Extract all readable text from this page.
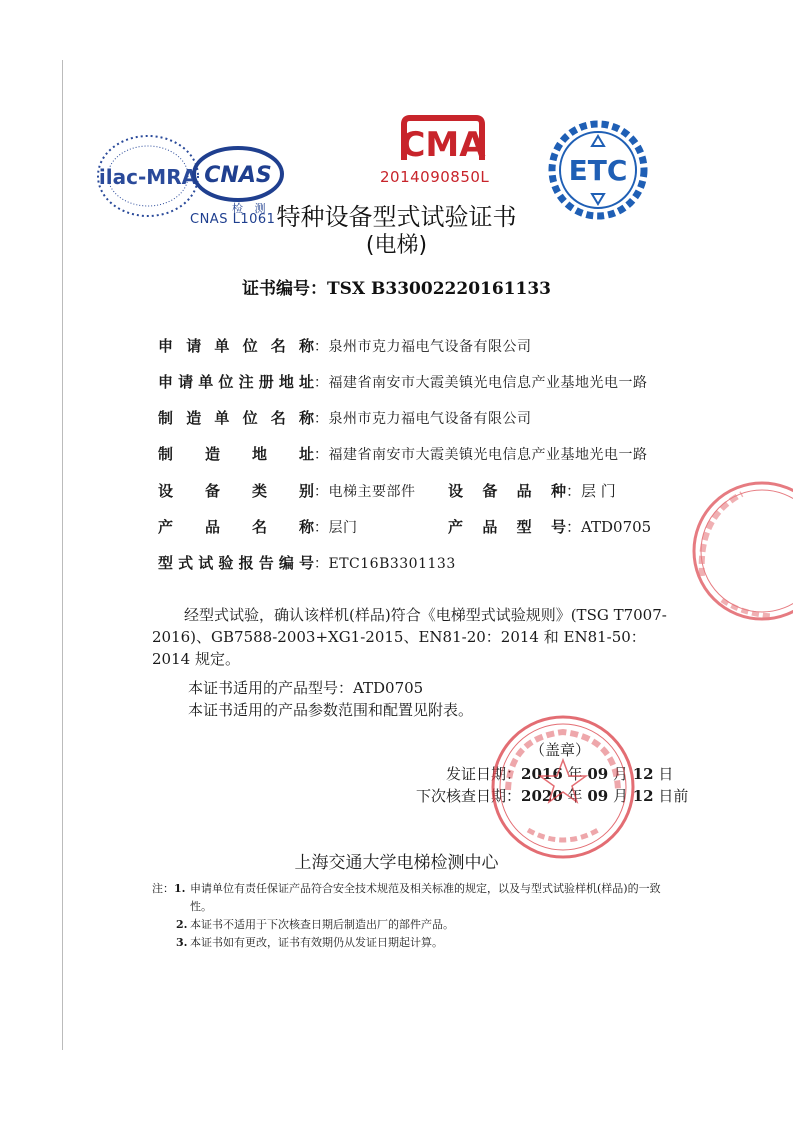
ilac-MRA CNAS
检 测
CNAS L1061
CMA
2014090850L	ETC
特种设备型式试验证书
(电梯)
证书编号：TSX B33002220161133
申请单位名称：泉州市克力福电气设备有限公司
申请单位注册地址：福建省南安市大霞美镇光电信息产业基地光电一路
制造单位名称：泉州市克力福电气设备有限公司
制造地址：福建省南安市大霞美镇光电信息产业基地光电一路
设备类别：电梯主要部件 设备品种：层 门
产品名称：层门	产品型号：ATD0705
型式试验报告编号：ETC16B3301133
经型式试验，确认该样机(样品)符合《电梯型式试验规则》(TSG T7007-2016)、GB7588-2003+XG1-2015、EN81-20：2014 和 EN81-50：2014 规定。
本证书适用的产品型号：ATD0705
本证书适用的产品参数范围和配置见附表。
（盖章）
发证日期：2016 年 09 月 12 日
下次核查日期：2020 年 09 月 12 日前
上海交通大学电梯检测中心
注：1. 申请单位有责任保证产品符合安全技术规范及相关标准的规定，以及与型式试验样机(样品)的一致性。
2. 本证书不适用于下次核查日期后制造出厂的部件产品。
3. 本证书如有更改，证书有效期仍从发证日期起计算。
